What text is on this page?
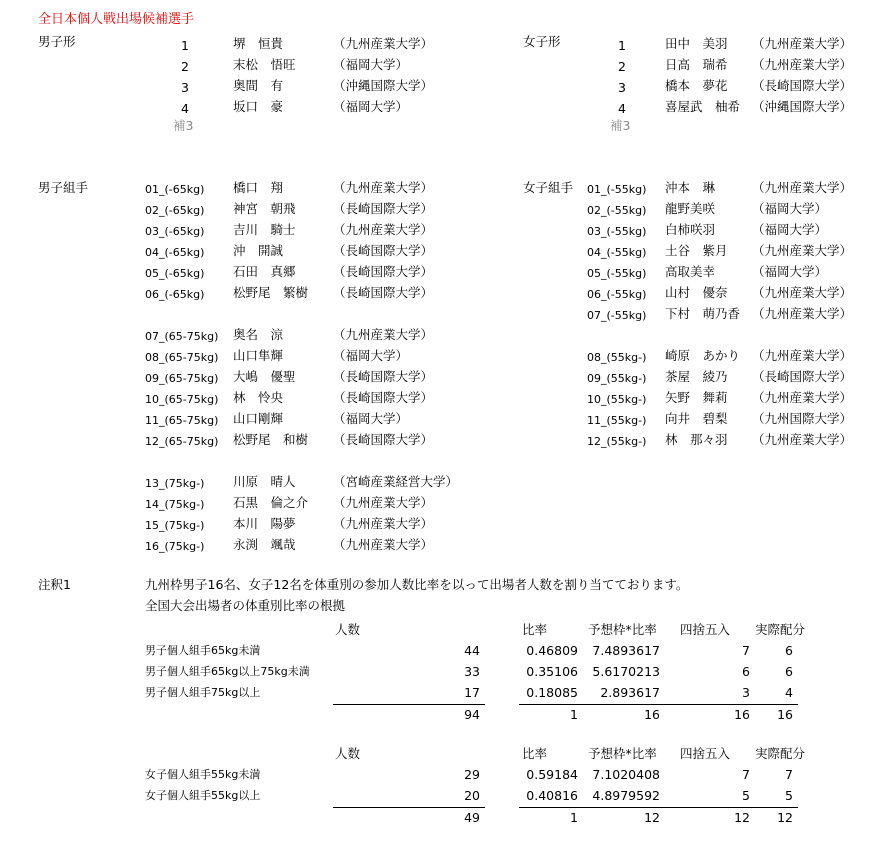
全日本個人戦出場候補選手
男子形	1	堺　恒貴	（九州産業大学）
2	末松　悟旺	（福岡大学）
3	奥間　有	（沖縄国際大学）
4	坂口　豪	（福岡大学）
補3
女子形	1	田中　美羽 （九州産業大学）
2	日高　瑞希 （九州産業大学）
3	橋本　夢花 （長崎国際大学）
4	喜屋武　柚希 （沖縄国際大学）
補3
男子組手	01_(-65kg) 橋口　翔	（九州産業大学）
02_(-65kg) 神宮　朝飛	（長崎国際大学）
03_(-65kg) 吉川　騎士	（九州産業大学）
04_(-65kg) 沖　開誠	（長崎国際大学）
05_(-65kg) 石田　真郷	（長崎国際大学）
06_(-65kg) 松野尾　繁樹 （長崎国際大学）
07_(65-75kg) 奥名　涼	（九州産業大学）
08_(65-75kg) 山口隼輝	（福岡大学）
09_(65-75kg) 大嶋　優聖	（長崎国際大学）
10_(65-75kg) 林　怜央	（長崎国際大学）
11_(65-75kg) 山口剛輝	（福岡大学）
12_(65-75kg) 松野尾　和樹 （長崎国際大学）
13_(75kg-) 川原　晴人	（宮崎産業経営大学）
14_(75kg-) 石黒　倫之介 （九州産業大学）
15_(75kg-) 本川　陽夢	（九州産業大学）
16_(75kg-) 永渕　颯哉	（九州産業大学）
女子組手 01_(-55kg) 沖本　琳	（九州産業大学）
02_(-55kg) 龍野美咲	（福岡大学）
03_(-55kg) 白柿咲羽	（福岡大学）
04_(-55kg) 土谷　紫月 （九州産業大学）
05_(-55kg) 高取美幸	（福岡大学）
06_(-55kg) 山村　優奈 （九州産業大学）
07_(-55kg) 下村　萌乃香 （九州産業大学）
08_(55kg-) 崎原　あかり （九州産業大学）
09_(55kg-) 茶屋　綾乃 （長崎国際大学）
10_(55kg-) 矢野　舞莉 （九州産業大学）
11_(55kg-) 向井　碧梨 （九州国際大学）
12_(55kg-) 林　那々羽 （九州産業大学）
注釈1	九州枠男子16名、女子12名を体重別の参加人数比率を以って出場者人数を割り当てております。
全国大会出場者の体重別比率の根拠
人数	比率	予想枠*比率 四捨五入 実際配分
男子個人組手65kg未満	44	0.46809	7.4893617	7	6
男子個人組手65kg以上75kg未満	33	0.35106	5.6170213	6	6
男子個人組手75kg以上	17	0.18085	2.893617	3	4
94	1	16	16	16
人数	比率	予想枠*比率 四捨五入 実際配分
女子個人組手55kg未満	29	0.59184	7.1020408	7	7
女子個人組手55kg以上	20	0.40816	4.8979592	5	5
49	1	12	12	12
